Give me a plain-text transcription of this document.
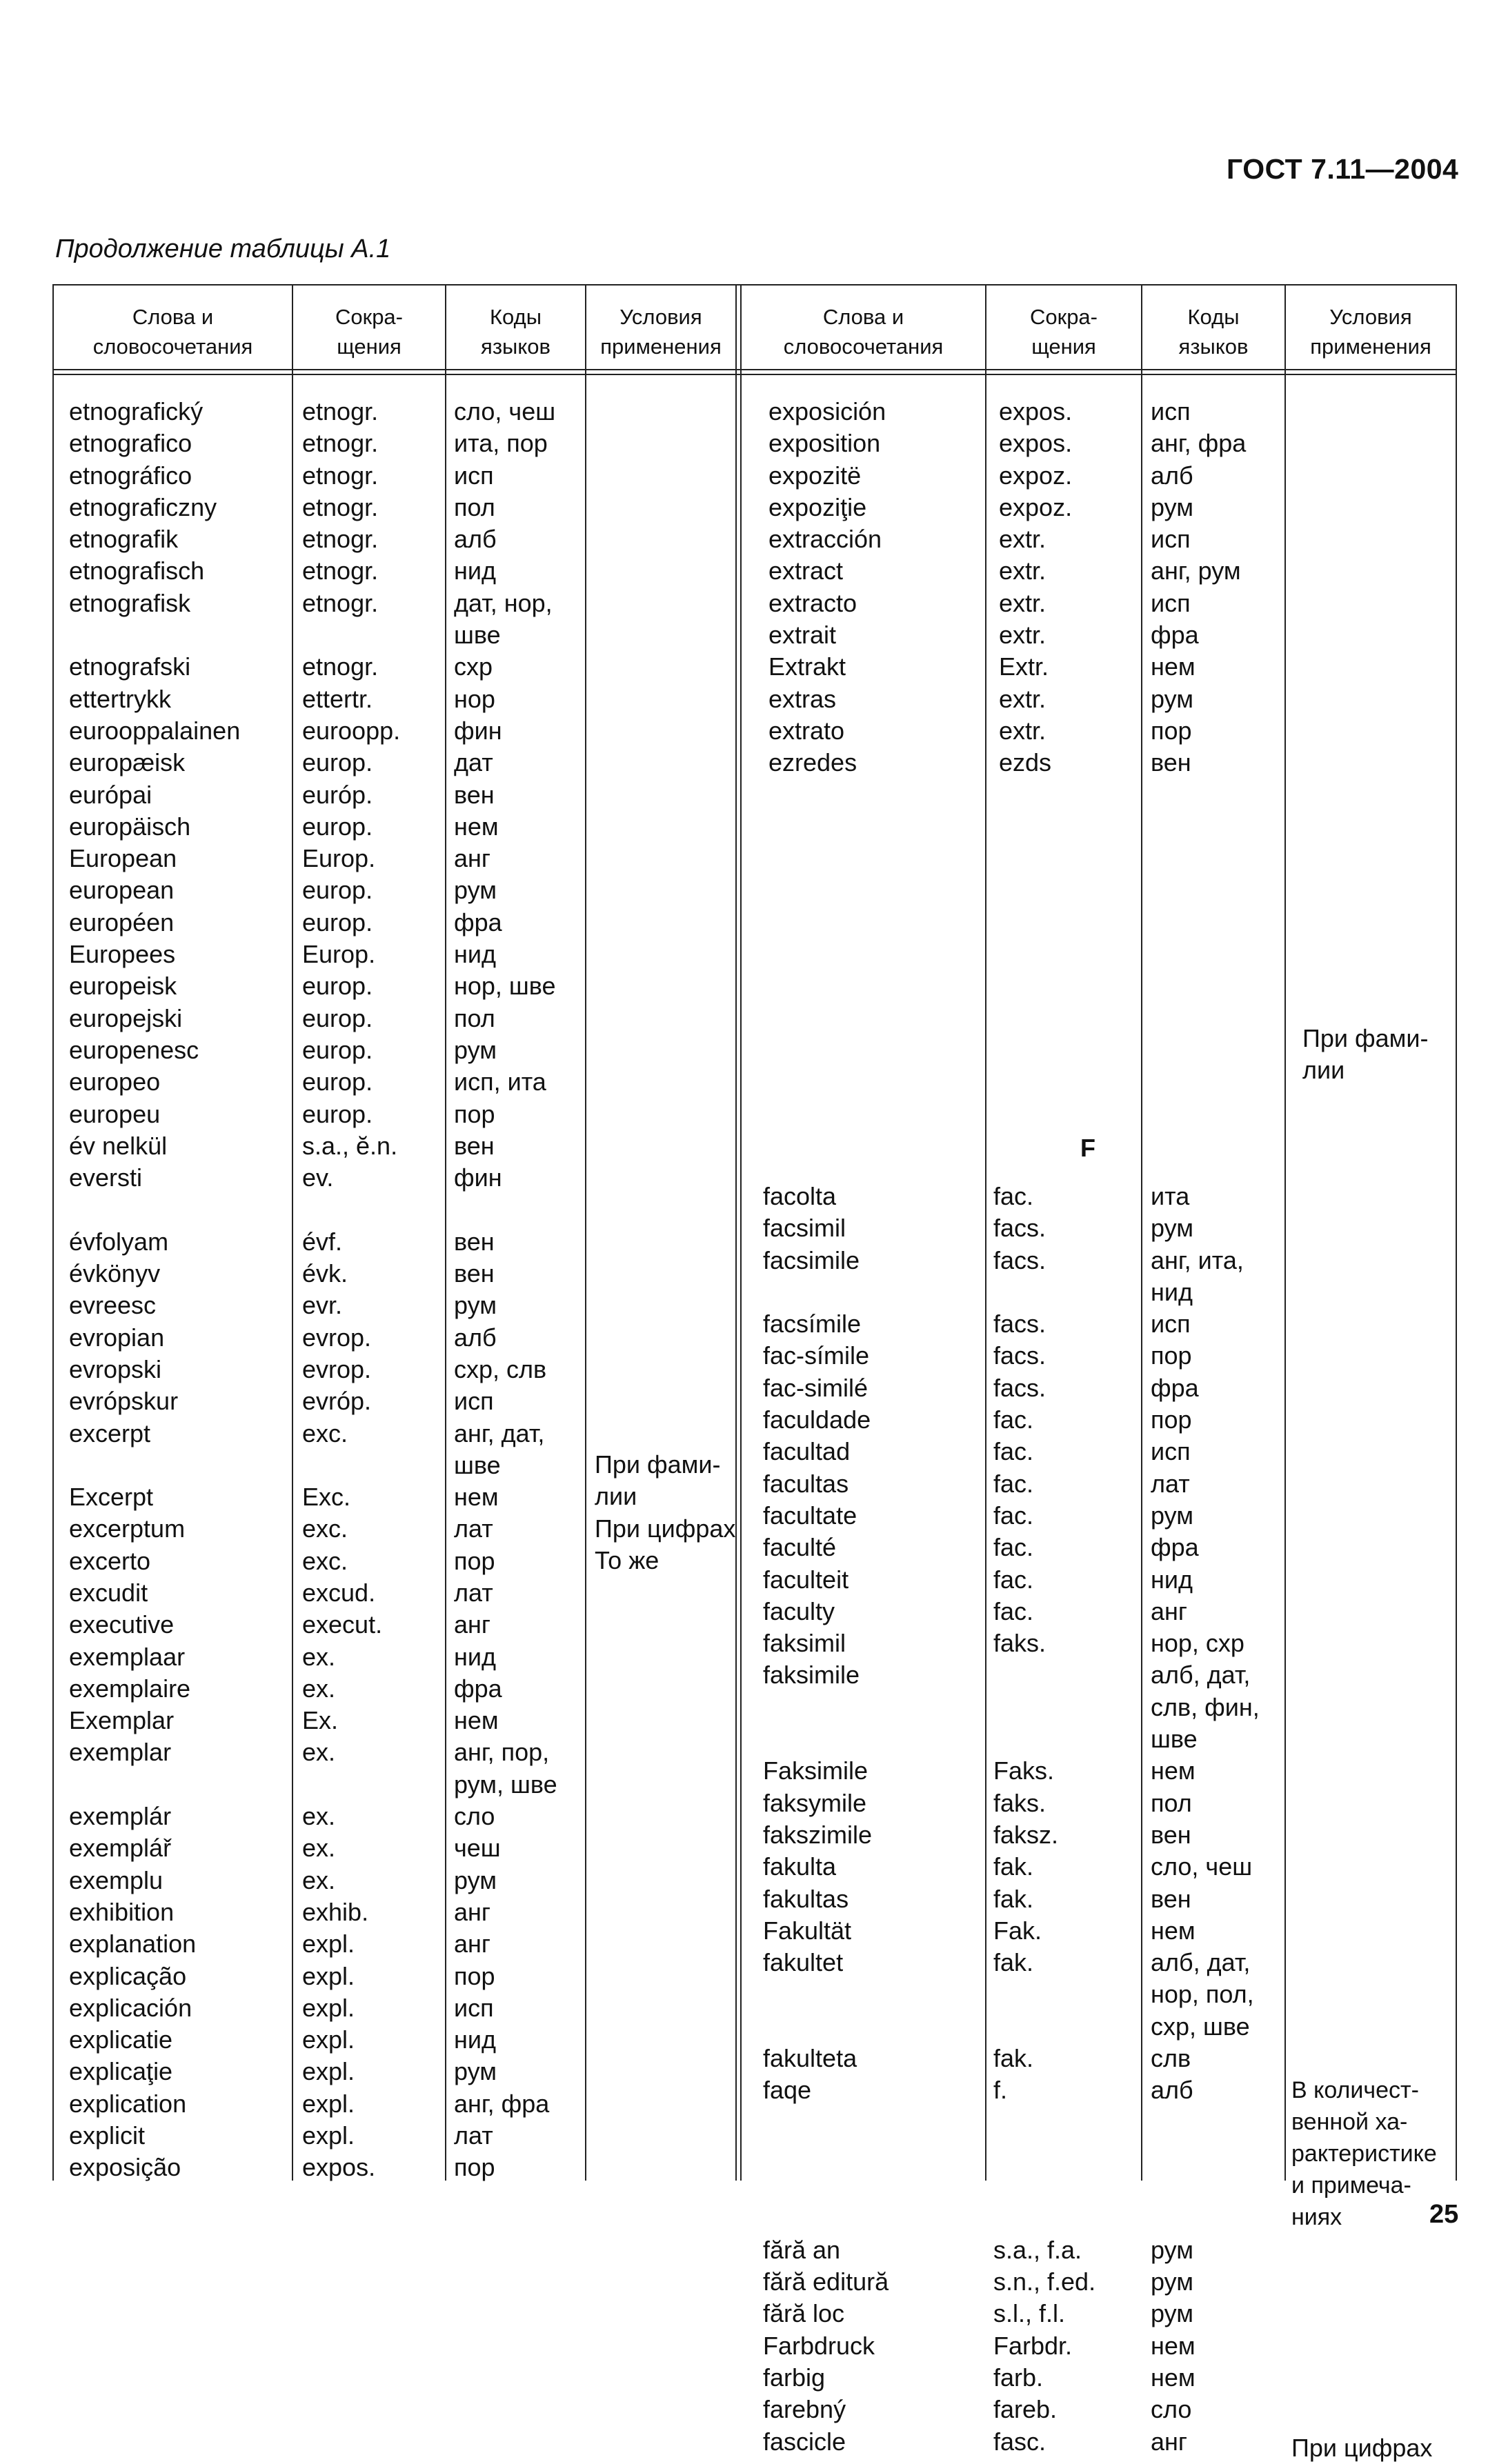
ГОСТ 7.11—2004
Продолжение таблицы А.1
Слова и
словосочетания
Сокра-
щения
Коды
языков
Условия
применения
Слова и
словосочетания
Сокра-
щения
Коды
языков
Условия
применения
etnografický
etnografico
etnográfico
etnograficzny
etnografik
etnografisch
etnografisk

etnografski
ettertrykk
eurooppalainen
europæisk
európai
europäisch
European
european
européen
Europees
europeisk
europejski
europenesc
europeo
europeu
év nelkül
eversti

évfolyam
évkönyv
evreesc
evropian
evropski
evrópskur
excerpt

Excerpt
excerptum
excerto
excudit
executive
exemplaar
exemplaire
Exemplar
exemplar

exemplár
exemplář
exemplu
exhibition
explanation
explicação
explicación
explicatie
explicaţie
explication
explicit
exposição
etnogr.
etnogr.
etnogr.
etnogr.
etnogr.
etnogr.
etnogr.

etnogr.
ettertr.
euroopp.
europ.
európ.
europ.
Europ.
europ.
europ.
Europ.
europ.
europ.
europ.
europ.
europ.
s.a., ĕ.n.
ev.

évf.
évk.
evr.
evrop.
evrop.
evróp.
exc.

Exc.
exc.
exc.
excud.
execut.
ex.
ex.
Ex.
ex.

ex.
ex.
ex.
exhib.
expl.
expl.
expl.
expl.
expl.
expl.
expl.
expos.
сло, чеш
ита, пор
исп
пол
алб
нид
дат, нор,
шве
схр
нор
фин
дат
вен
нем
анг
рум
фра
нид
нор, шве
пол
рум
исп, ита
пор
вен
фин

вен
вен
рум
алб
схр, слв
исп
анг, дат,
шве
нем
лат
пор
лат
анг
нид
фра
нем
анг, пор,
рум, шве
сло
чеш
рум
анг
анг
пор
исп
нид
рум
анг, фра
лат
пор
При фами-
лии
При цифрах
То же
exposición
exposition
expozitë
expoziţie
extracción
extract
extracto
extrait
Extrakt
extras
extrato
ezredes
expos.
expos.
expoz.
expoz.
extr.
extr.
extr.
extr.
Extr.
extr.
extr.
ezds
исп
анг, фра
алб
рум
исп
анг, рум
исп
фра
нем
рум
пор
вен
При фами-
лии
F
facolta
facsimil
facsimile

facsímile
fac-símile
fac-similé
faculdade
facultad
facultas
facultate
faculté
faculteit
faculty
faksimil
faksimile

Faksimile
faksymile
fakszimile
fakulta
fakultas
Fakultät
fakultet

fakulteta
faqe

fără an
fără editură
fără loc
Farbdruck
farbig
farebný
fascicle
fac.
facs.
facs.

facs.
facs.
facs.
fac.
fac.
fac.
fac.
fac.
fac.
fac.
faks.

Faks.
faks.
faksz.
fak.
fak.
Fak.
fak.

fak.
f.

s.a., f.a.
s.n., f.ed.
s.l., f.l.
Farbdr.
farb.
fareb.
fasc.
ита
рум
анг, ита,
нид
исп
пор
фра
пор
исп
лат
рум
фра
нид
анг
нор, схр
алб, дат,
слв, фин,
шве
нем
пол
вен
сло, чеш
вен
нем
алб, дат,
нор, пол,
схр, шве
слв
алб

рум
рум
рум
нем
нем
сло
анг
В количест-
венной ха-
рактеристике
и примеча-
ниях
При цифрах
25
